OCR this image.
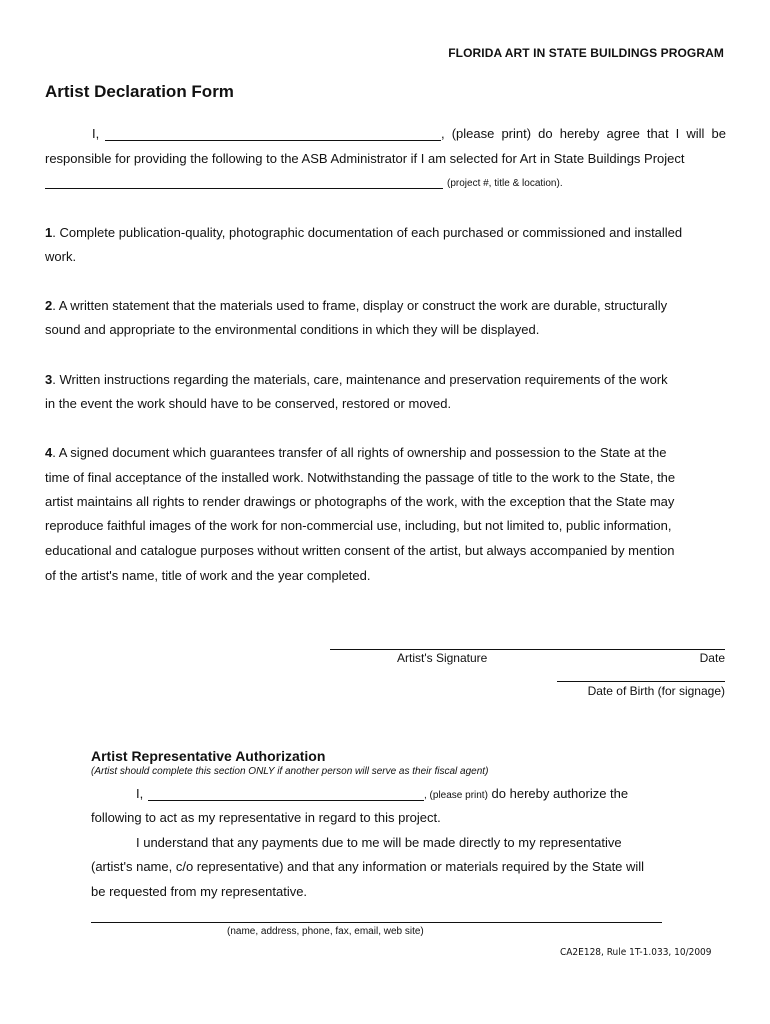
FLORIDA ART IN STATE BUILDINGS PROGRAM
Artist Declaration Form
I,	, (please print) do hereby agree that I will be
responsible for providing the following to the ASB Administrator if I am selected for Art in State Buildings Project
(project #, title & location).
1. Complete publication-quality, photographic documentation of each purchased or commissioned and installed
work.
2. A written statement that the materials used to frame, display or construct the work are durable, structurally
sound and appropriate to the environmental conditions in which they will be displayed.
3. Written instructions regarding the materials, care, maintenance and preservation requirements of the work
in the event the work should have to be conserved, restored or moved.
4. A signed document which guarantees transfer of all rights of ownership and possession to the State at the
time of final acceptance of the installed work. Notwithstanding the passage of title to the work to the State, the
artist maintains all rights to render drawings or photographs of the work, with the exception that the State may
reproduce faithful images of the work for non-commercial use, including, but not limited to, public information,
educational and catalogue purposes without written consent of the artist, but always accompanied by mention
of the artist's name, title of work and the year completed.
Artist's Signature	Date
Date of Birth (for signage)
Artist Representative Authorization
(Artist should complete this section ONLY if another person will serve as their fiscal agent)
I,	, (please print) do hereby authorize the
following to act as my representative in regard to this project.
I understand that any payments due to me will be made directly to my representative
(artist's name, c/o representative) and that any information or materials required by the State will
be requested from my representative.
(name, address, phone, fax, email, web site)
CA2E128, Rule 1T-1.033, 10/2009
